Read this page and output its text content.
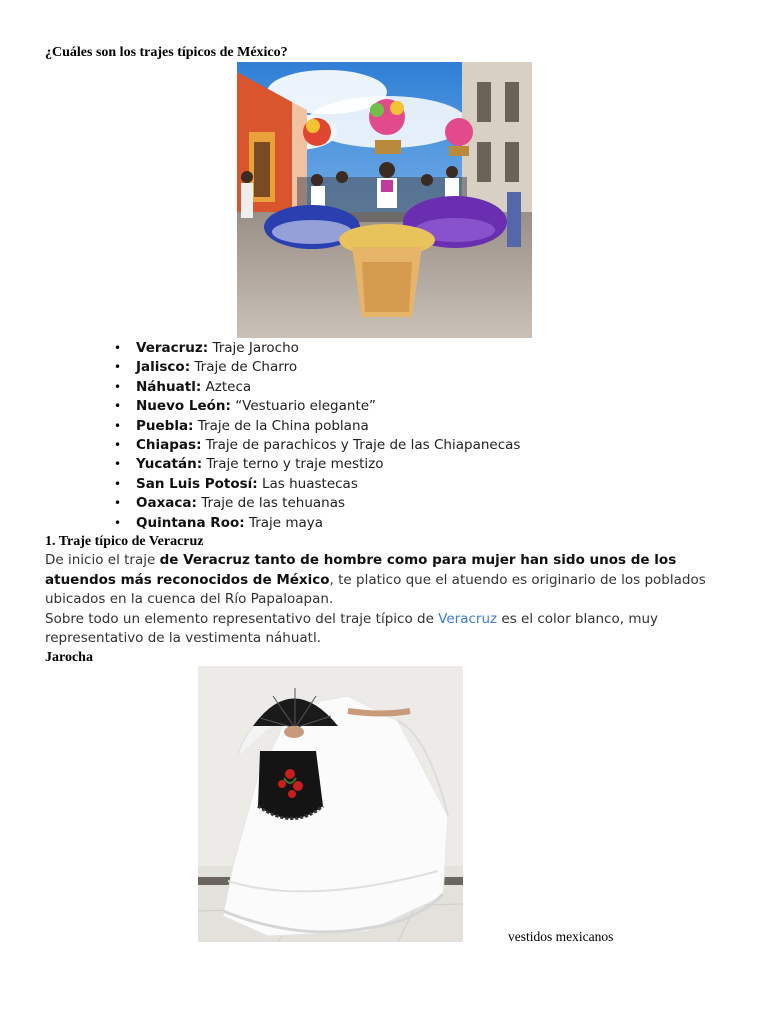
¿Cuáles son los trajes típicos de México?
• Veracruz: Traje Jarocho
• Jalisco: Traje de Charro
• Náhuatl: Azteca
• Nuevo León: “Vestuario elegante”
• Puebla: Traje de la China poblana
• Chiapas: Traje de parachicos y Traje de las Chiapanecas
• Yucatán: Traje terno y traje mestizo
• San Luis Potosí: Las huastecas
• Oaxaca: Traje de las tehuanas
• Quintana Roo: Traje maya
1. Traje típico de Veracruz
De inicio el traje de Veracruz tanto de hombre como para mujer han sido unos de los atuendos más reconocidos de México, te platico que el atuendo es originario de los poblados ubicados en la cuenca del Río Papaloapan.
Sobre todo un elemento representativo del traje típico de Veracruz es el color blanco, muy representativo de la vestimenta náhuatl.
Jarocha
vestidos mexicanos
